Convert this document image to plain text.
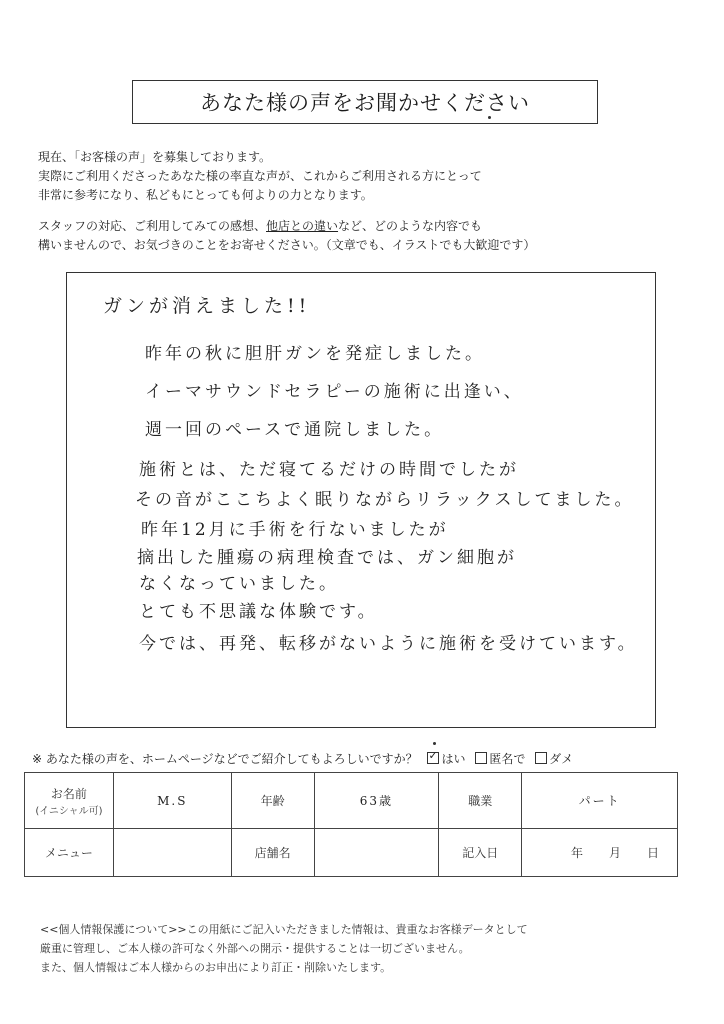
あなた様の声をお聞かせください

現在、「お客様の声」を募集しております。

実際にご利用くださったあなた様の率直な声が、これからご利用される方にとって

非常に参考になり、私どもにとっても何よりの力となります。

スタッフの対応、ご利用してみての感想、他店との違いなど、どのような内容でも

構いませんので、お気づきのことをお寄せください。（文章でも、イラストでも大歓迎です）

ガンが消えました!!
昨年の秋に胆肝ガンを発症しました。
イーマサウンドセラピーの施術に出逢い、
週一回のペースで通院しました。
施術とは、ただ寝てるだけの時間でしたが
その音がここちよく眠りながらリラックスしてました。
昨年12月に手術を行ないましたが
摘出した腫瘍の病理検査では、ガン細胞が
なくなっていました。
とても不思議な体験です。
今では、再発、転移がないように施術を受けています。
※ あなた様の声を、ホームページなどでご紹介してもよろしいですか？ ✓ はい 匿名で ダメ
お名前
(イニシャル可)	M.S	年齢	63歳	職業	パート
メニュー		店舗名		記入日	年 月 日

<<個人情報保護について>>この用紙にご記入いただきました情報は、貴重なお客様データとして

厳重に管理し、ご本人様の許可なく外部への開示・提供することは一切ございません。

また、個人情報はご本人様からのお申出により訂正・削除いたします。
